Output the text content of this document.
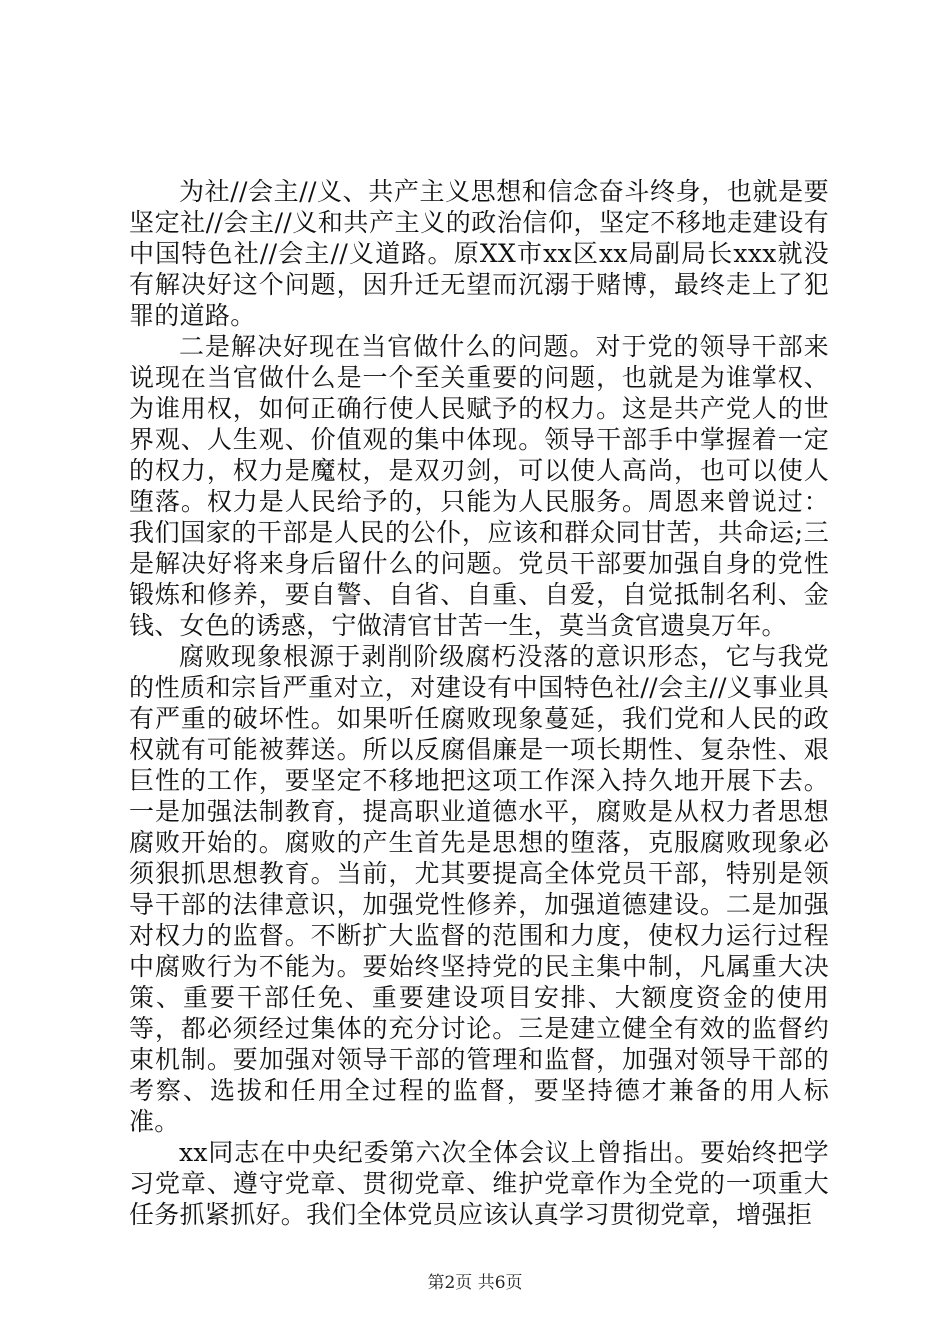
为社//会主//义、共产主义思想和信念奋斗终身，也就是要坚定社//会主//义和共产主义的政治信仰，坚定不移地走建设有中国特色社//会主//义道路。原XX市xx区xx局副局长xxx就没有解决好这个问题，因升迁无望而沉溺于赌博，最终走上了犯罪的道路。

二是解决好现在当官做什么的问题。对于党的领导干部来说现在当官做什么是一个至关重要的问题，也就是为谁掌权、为谁用权，如何正确行使人民赋予的权力。这是共产党人的世界观、人生观、价值观的集中体现。领导干部手中掌握着一定的权力，权力是魔杖，是双刃剑，可以使人高尚，也可以使人堕落。权力是人民给予的，只能为人民服务。周恩来曾说过：我们国家的干部是人民的公仆，应该和群众同甘苦，共命运;三是解决好将来身后留什么的问题。党员干部要加强自身的党性锻炼和修养，要自警、自省、自重、自爱，自觉抵制名利、金钱、女色的诱惑，宁做清官甘苦一生，莫当贪官遗臭万年。

腐败现象根源于剥削阶级腐朽没落的意识形态，它与我党的性质和宗旨严重对立，对建设有中国特色社//会主//义事业具有严重的破坏性。如果听任腐败现象蔓延，我们党和人民的政权就有可能被葬送。所以反腐倡廉是一项长期性、复杂性、艰巨性的工作，要坚定不移地把这项工作深入持久地开展下去。一是加强法制教育，提高职业道德水平，腐败是从权力者思想腐败开始的。腐败的产生首先是思想的堕落，克服腐败现象必须狠抓思想教育。当前，尤其要提高全体党员干部，特别是领导干部的法律意识，加强党性修养，加强道德建设。二是加强对权力的监督。不断扩大监督的范围和力度，使权力运行过程中腐败行为不能为。要始终坚持党的民主集中制，凡属重大决策、重要干部任免、重要建设项目安排、大额度资金的使用等，都必须经过集体的充分讨论。三是建立健全有效的监督约束机制。要加强对领导干部的管理和监督，加强对领导干部的考察、选拔和任用全过程的监督，要坚持德才兼备的用人标准。

xx同志在中央纪委第六次全体会议上曾指出。要始终把学习党章、遵守党章、贯彻党章、维护党章作为全党的一项重大任务抓紧抓好。我们全体党员应该认真学习贯彻党章，增强拒

第2页 共6页
